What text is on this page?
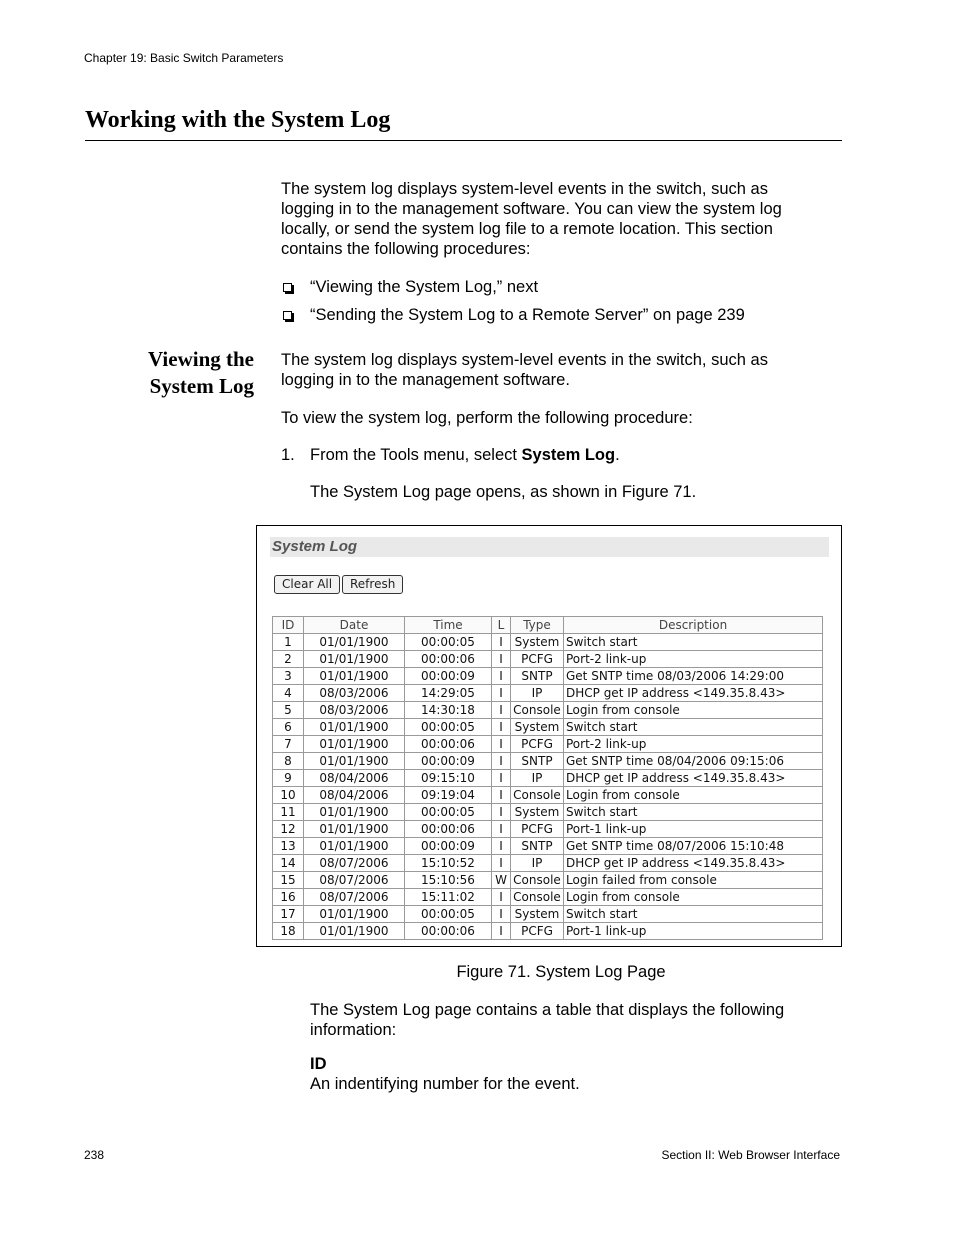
Chapter 19: Basic Switch Parameters
Working with the System Log
The system log displays system-level events in the switch, such as logging in to the management software. You can view the system log locally, or send the system log file to a remote location. This section contains the following procedures:
“Viewing the System Log,” next
“Sending the System Log to a Remote Server” on page 239
Viewing the
System Log
The system log displays system-level events in the switch, such as logging in to the management software.
To view the system log, perform the following procedure:
1. From the Tools menu, select System Log.
The System Log page opens, as shown in Figure 71.
System Log
Clear All	Refresh
ID	Date	Time	L	Type	Description
1	01/01/1900	00:00:05	I	System	Switch start
2	01/01/1900	00:00:06	I	PCFG	Port-2 link-up
3	01/01/1900	00:00:09	I	SNTP	Get SNTP time 08/03/2006 14:29:00
4	08/03/2006	14:29:05	I	IP	DHCP get IP address <149.35.8.43>
5	08/03/2006	14:30:18	I	Console	Login from console
6	01/01/1900	00:00:05	I	System	Switch start
7	01/01/1900	00:00:06	I	PCFG	Port-2 link-up
8	01/01/1900	00:00:09	I	SNTP	Get SNTP time 08/04/2006 09:15:06
9	08/04/2006	09:15:10	I	IP	DHCP get IP address <149.35.8.43>
10	08/04/2006	09:19:04	I	Console	Login from console
11	01/01/1900	00:00:05	I	System	Switch start
12	01/01/1900	00:00:06	I	PCFG	Port-1 link-up
13	01/01/1900	00:00:09	I	SNTP	Get SNTP time 08/07/2006 15:10:48
14	08/07/2006	15:10:52	I	IP	DHCP get IP address <149.35.8.43>
15	08/07/2006	15:10:56	W	Console	Login failed from console
16	08/07/2006	15:11:02	I	Console	Login from console
17	01/01/1900	00:00:05	I	System	Switch start
18	01/01/1900	00:00:06	I	PCFG	Port-1 link-up
Figure 71. System Log Page
The System Log page contains a table that displays the following information:
ID
An indentifying number for the event.
238	Section II: Web Browser Interface
